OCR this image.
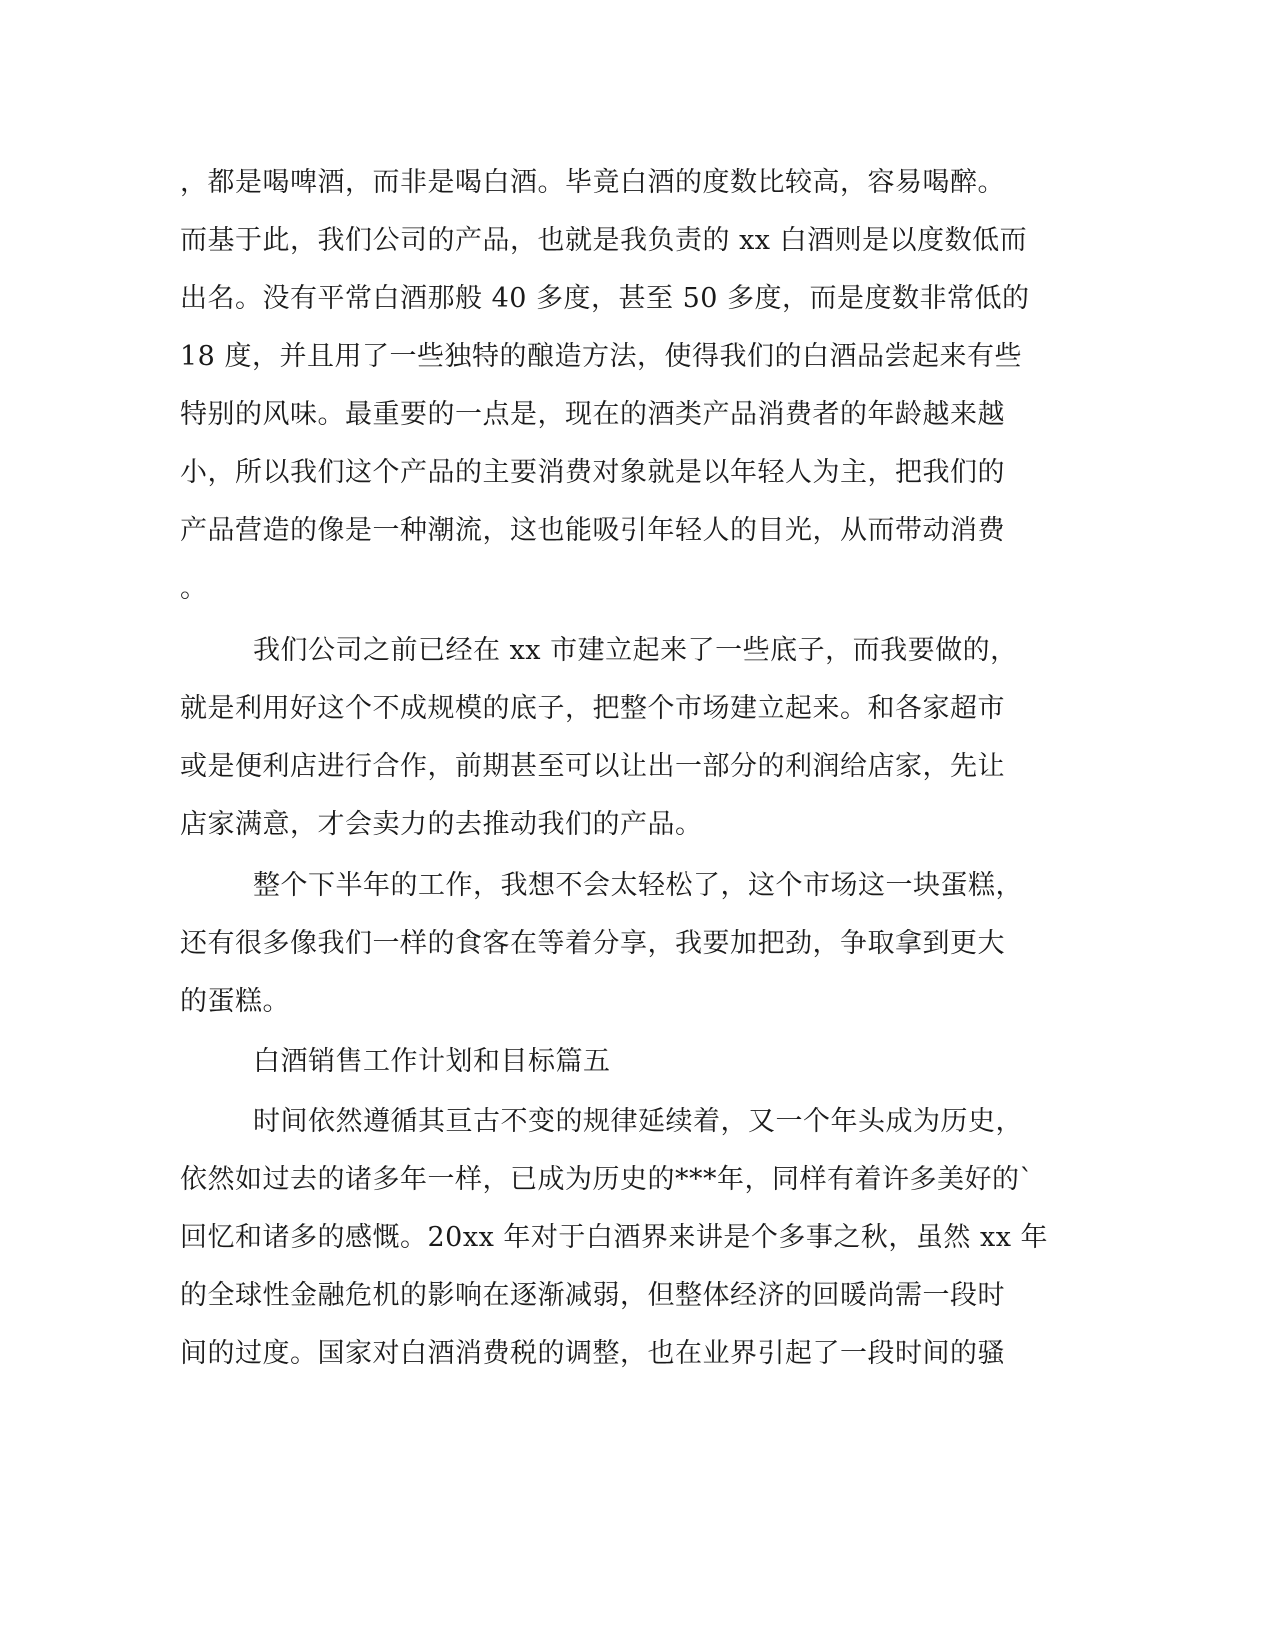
，都是喝啤酒，而非是喝白酒。毕竟白酒的度数比较高，容易喝醉。
而基于此，我们公司的产品，也就是我负责的 xx 白酒则是以度数低而
出名。没有平常白酒那般 40 多度，甚至 50 多度，而是度数非常低的
18 度，并且用了一些独特的酿造方法，使得我们的白酒品尝起来有些
特别的风味。最重要的一点是，现在的酒类产品消费者的年龄越来越
小，所以我们这个产品的主要消费对象就是以年轻人为主，把我们的
产品营造的像是一种潮流，这也能吸引年轻人的目光，从而带动消费
。
我们公司之前已经在 xx 市建立起来了一些底子，而我要做的，
就是利用好这个不成规模的底子，把整个市场建立起来。和各家超市
或是便利店进行合作，前期甚至可以让出一部分的利润给店家，先让
店家满意，才会卖力的去推动我们的产品。
整个下半年的工作，我想不会太轻松了，这个市场这一块蛋糕，
还有很多像我们一样的食客在等着分享，我要加把劲，争取拿到更大
的蛋糕。
白酒销售工作计划和目标篇五
时间依然遵循其亘古不变的规律延续着，又一个年头成为历史，
依然如过去的诸多年一样，已成为历史的***年，同样有着许多美好的`
回忆和诸多的感慨。20xx 年对于白酒界来讲是个多事之秋，虽然 xx 年
的全球性金融危机的影响在逐渐减弱，但整体经济的回暖尚需一段时
间的过度。国家对白酒消费税的调整，也在业界引起了一段时间的骚
